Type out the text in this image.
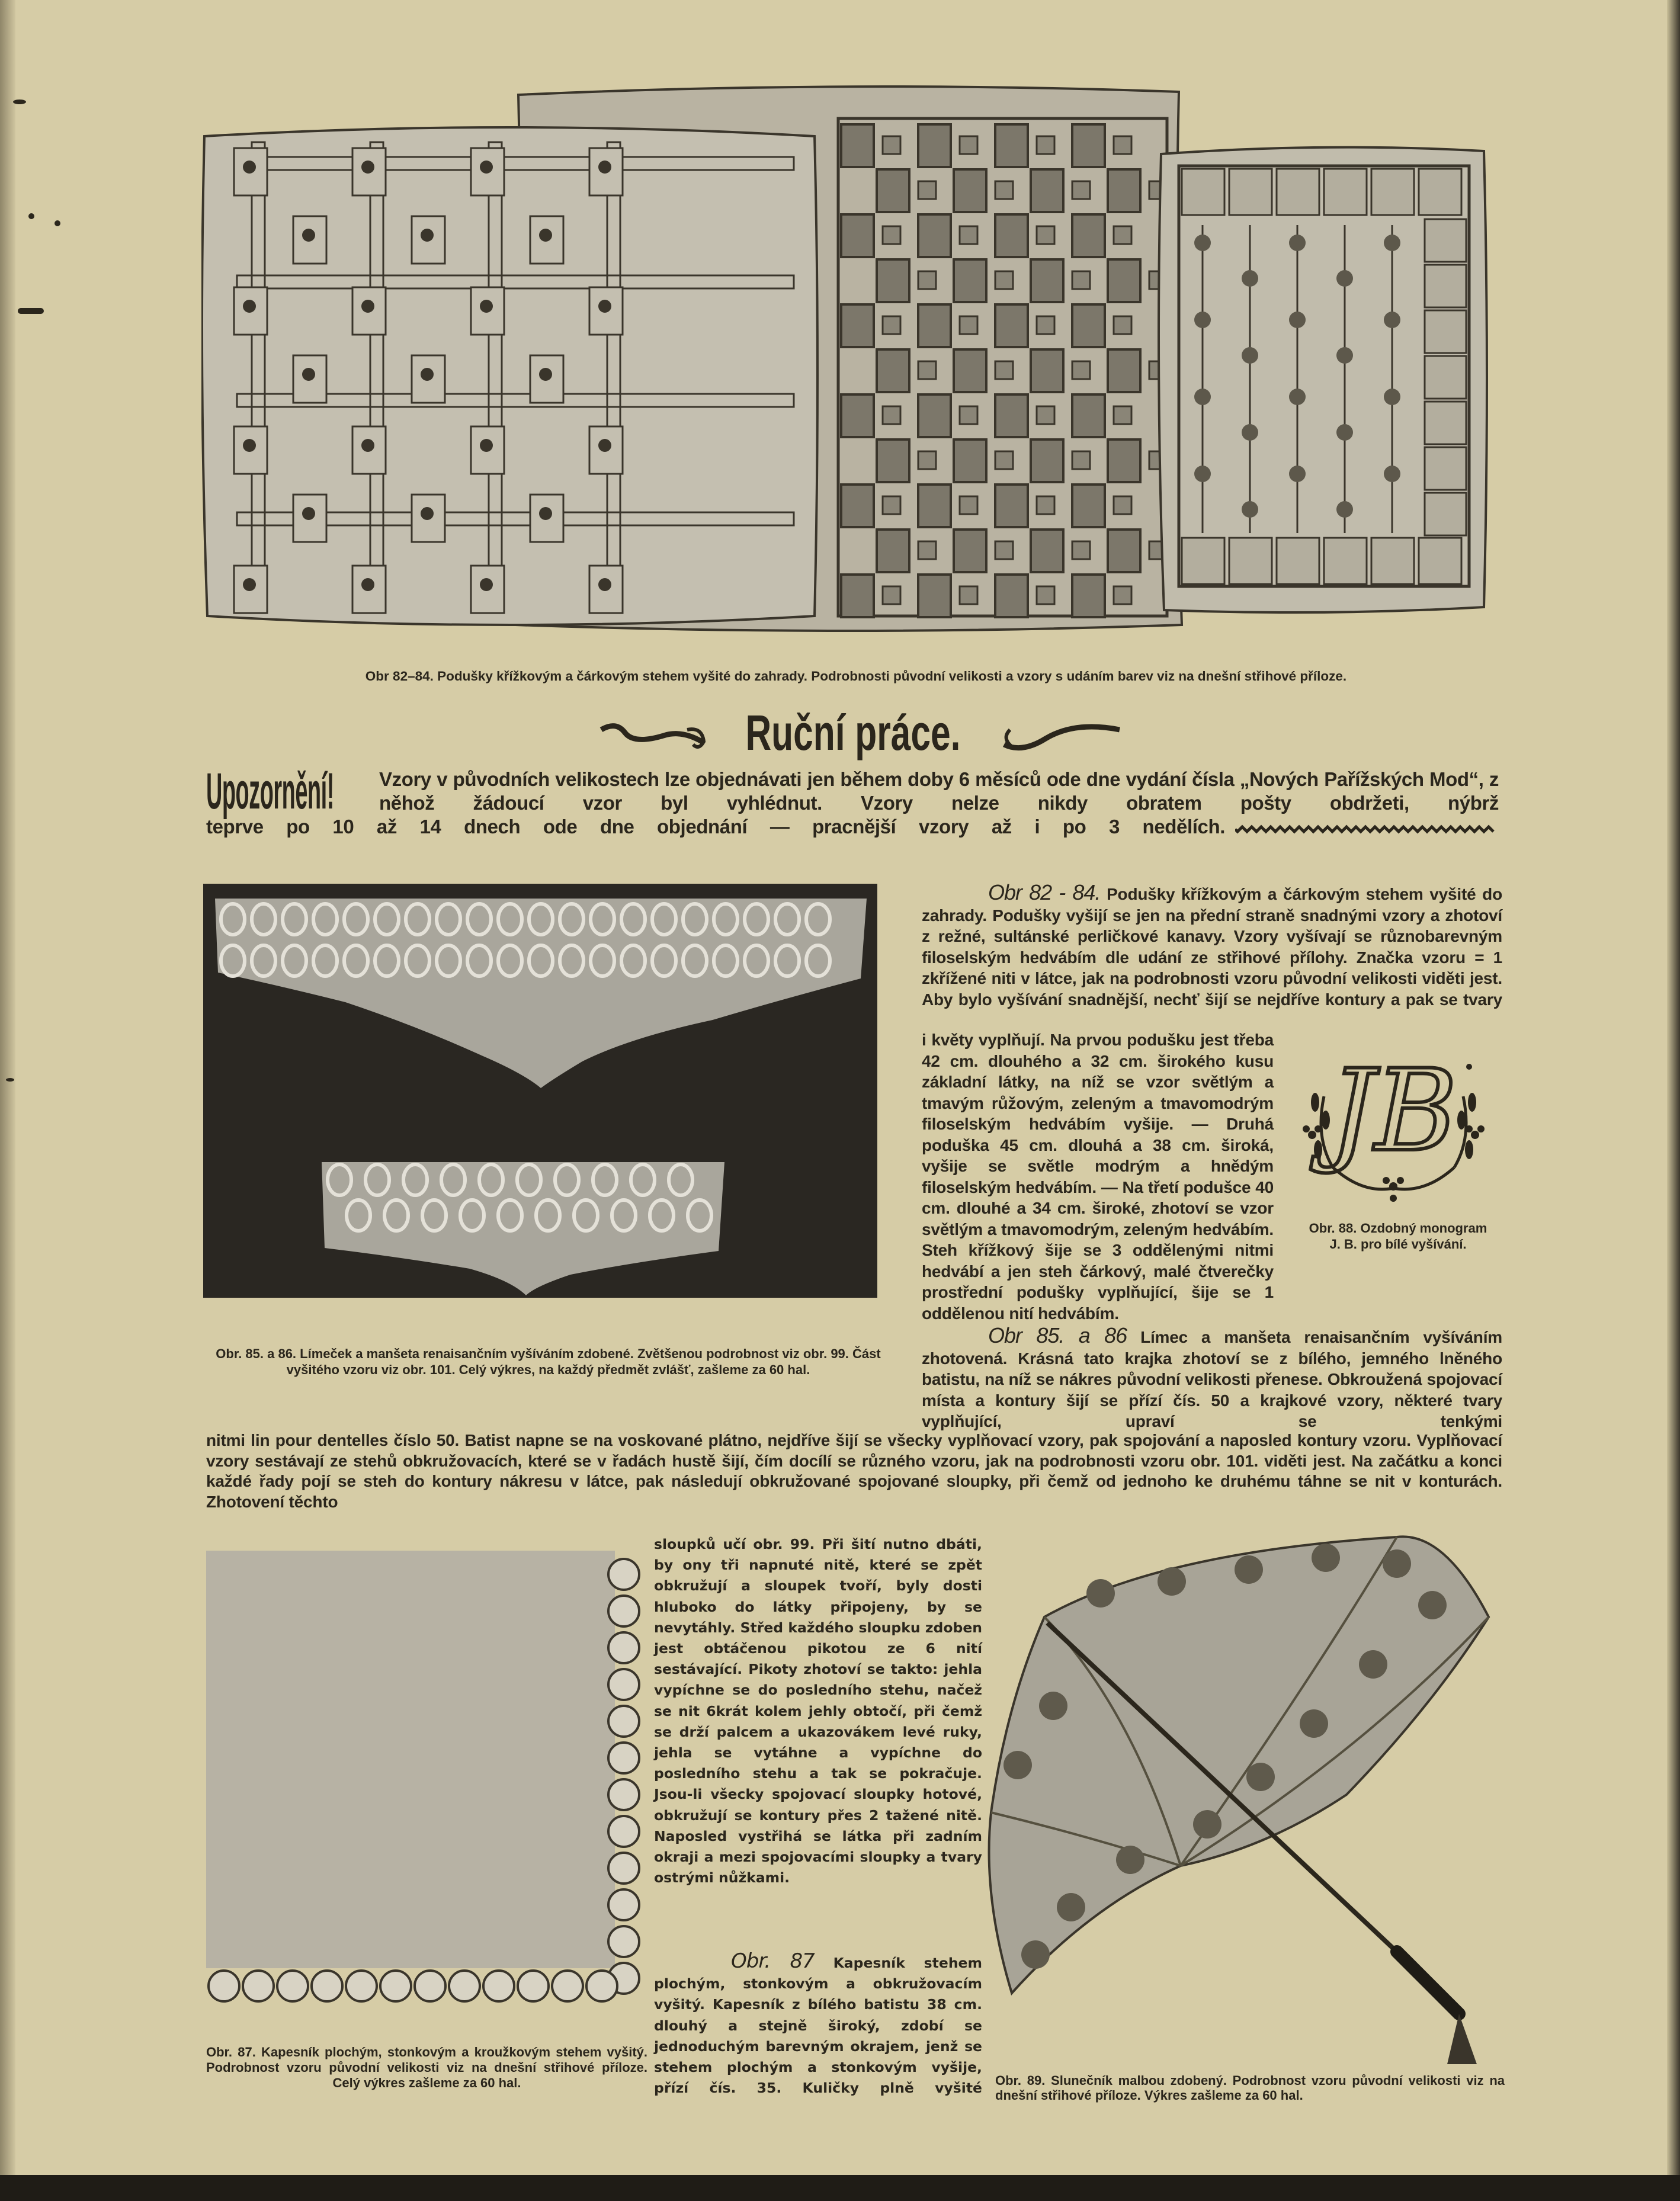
Obr 82–84. Podušky křížkovým a čárkovým stehem vyšité do zahrady. Podrobnosti původní velikosti a vzory s udáním barev viz na dnešní střihové příloze.
Ruční práce.
Upozornění! Vzory v původních velikostech lze objednávati jen během doby 6 měsíců ode dne vydání čísla „Nových Pařížských Mod“, z něhož žádoucí vzor byl vyhlédnut. Vzory nelze nikdy obratem pošty obdržeti, nýbrž
teprve po 10 až 14 dnech ode dne objednání — pracnější vzory až i po 3 nedělích.
Obr. 85. a 86. Límeček a manšeta renaisančním vyšíváním zdobené. Zvětšenou podrobnost viz obr. 99. Část vyšitého vzoru viz obr. 101. Celý výkres, na každý předmět zvlášť, zašleme za 60 hal.
Obr 82 - 84. Podušky křížkovým a čárkovým stehem vyšité do zahrady. Podušky vyšijí se jen na přední straně snadnými vzory a zhotoví z režné, sultánské perličkové kanavy. Vzory vyšívají se různobarevným filoselským hedvábím dle udání ze střihové přílohy. Značka vzoru = 1 zkřížené niti v látce, jak na podrobnosti vzoru původní velikosti viděti jest. Aby bylo vyšívání snadnější, nechť šijí se nejdříve kontury a pak se tvary
i květy vyplňují. Na prvou podušku jest třeba 42 cm. dlouhého a 32 cm. širokého kusu základní látky, na níž se vzor světlým a tmavým růžovým, zeleným a tmavomodrým filoselským hedvábím vyšije. — Druhá poduška 45 cm. dlouhá a 38 cm. široká, vyšije se světle modrým a hnědým filoselským hedvábím. — Na třetí podušce 40 cm. dlouhé a 34 cm. široké, zhotoví se vzor světlým a tmavomodrým, zeleným hedvábím. Steh křížkový šije se 3 oddělenými nitmi hedvábí a jen steh čárkový, malé čtverečky prostřední podušky vyplňující, šije se 1 oddělenou nití hedvábím.
JB
Obr. 88. Ozdobný monogram J. B. pro bílé vyšívání.
Obr 85. a 86 Límec a manšeta renaisančním vyšíváním zhotovená. Krásná tato krajka zhotoví se z bílého, jemného lněného batistu, na níž se nákres původní velikosti přenese. Obkroužená spojovací místa a kontury šijí se přízí čís. 50 a krajkové vzory, některé tvary vyplňující, upraví se tenkými
nitmi lin pour dentelles číslo 50. Batist napne se na voskované plátno, nejdříve šijí se všecky vyplňovací vzory, pak spojování a naposled kontury vzoru. Vyplňovací vzory sestávají ze stehů obkružovacích, které se v řadách hustě šijí, čím docílí se různého vzoru, jak na podrobnosti vzoru obr. 101. viděti jest. Na začátku a konci každé řady pojí se steh do kontury nákresu v látce, pak následují obkružované spojované sloupky, při čemž od jednoho ke druhému táhne se nit v konturách. Zhotovení těchto
Obr. 87. Kapesník plochým, stonkovým a kroužkovým stehem vyšitý. Podrobnost vzoru původní velikosti viz na dnešní střihové příloze. Celý výkres zašleme za 60 hal.
sloupků učí obr. 99. Při šití nutno dbáti, by ony tři napnuté nitě, které se zpět obkružují a sloupek tvoří, byly dosti hluboko do látky připojeny, by se nevytáhly. Střed každého sloupku zdoben jest obtáčenou pikotou ze 6 nití sestávající. Pikoty zhotoví se takto: jehla vypíchne se do posledního stehu, načež se nit 6krát kolem jehly obtočí, při čemž se drží palcem a ukazovákem levé ruky, jehla se vytáhne a vypíchne do posledního stehu a tak se pokračuje. Jsou-li všecky spojovací sloupky hotové, obkružují se kontury přes 2 tažené nitě. Naposled vystřihá se látka při zadním okraji a mezi spojovacími sloupky a tvary ostrými nůžkami.
Obr. 87 Kapesník stehem plochým, stonkovým a obkružovacím vyšitý. Kapesník z bílého batistu 38 cm. dlouhý a stejně široký, zdobí se jednoduchým barevným okrajem, jenž se stehem plochým a stonkovým vyšije, přízí čís. 35. Kuličky plně vyšité Obr. 89. Slunečník malbou zdobený. Podrobnost vzoru původní velikosti viz na dnešní střihové příloze. Výkres zašleme za 60 hal.
